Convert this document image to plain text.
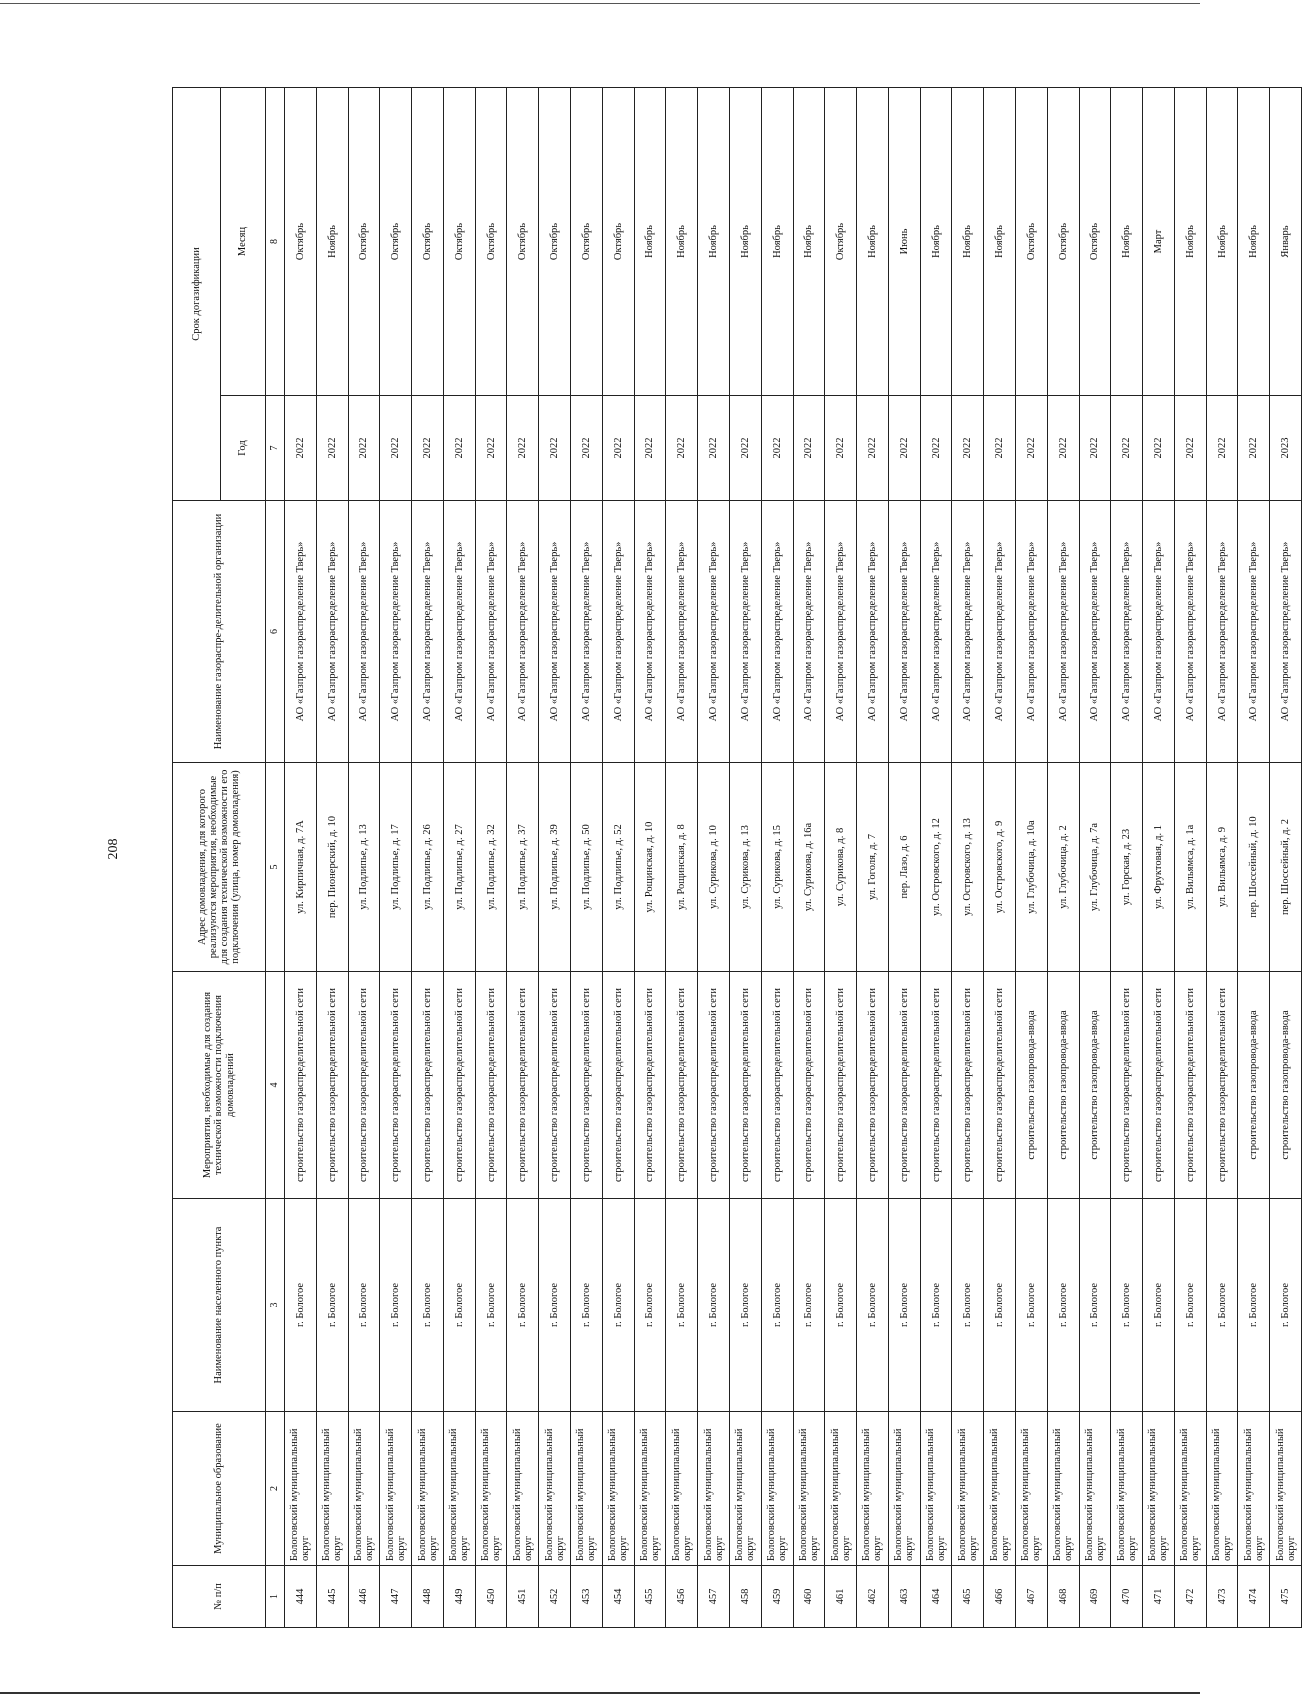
208
№ п/п	Муниципальное образование	Наименование населенного пункта	Мероприятия, необходимые для создания технической возможности подключения домовладений	Адрес домовладения, для которого реализуются мероприятия, необходимые для создания технической возможности его подключения (улица, номер домовладения)	Наименование газораспре-делительной организации	Срок догазификации	
						Год	Месяц
1	2	3	4	5	6	7	8
444	Бологовский муниципальный округ	г. Бологое	строительство газораспределительной сети	ул. Кирпичная, д. 7А	АО «Газпром газораспределение Тверь»	2022	Октябрь
445	Бологовский муниципальный округ	г. Бологое	строительство газораспределительной сети	пер. Пионерский, д. 10	АО «Газпром газораспределение Тверь»	2022	Ноябрь
446	Бологовский муниципальный округ	г. Бологое	строительство газораспределительной сети	ул. Подлипье, д. 13	АО «Газпром газораспределение Тверь»	2022	Октябрь
447	Бологовский муниципальный округ	г. Бологое	строительство газораспределительной сети	ул. Подлипье, д. 17	АО «Газпром газораспределение Тверь»	2022	Октябрь
448	Бологовский муниципальный округ	г. Бологое	строительство газораспределительной сети	ул. Подлипье, д. 26	АО «Газпром газораспределение Тверь»	2022	Октябрь
449	Бологовский муниципальный округ	г. Бологое	строительство газораспределительной сети	ул. Подлипье, д. 27	АО «Газпром газораспределение Тверь»	2022	Октябрь
450	Бологовский муниципальный округ	г. Бологое	строительство газораспределительной сети	ул. Подлипье, д. 32	АО «Газпром газораспределение Тверь»	2022	Октябрь
451	Бологовский муниципальный округ	г. Бологое	строительство газораспределительной сети	ул. Подлипье, д. 37	АО «Газпром газораспределение Тверь»	2022	Октябрь
452	Бологовский муниципальный округ	г. Бологое	строительство газораспределительной сети	ул. Подлипье, д. 39	АО «Газпром газораспределение Тверь»	2022	Октябрь
453	Бологовский муниципальный округ	г. Бологое	строительство газораспределительной сети	ул. Подлипье, д. 50	АО «Газпром газораспределение Тверь»	2022	Октябрь
454	Бологовский муниципальный округ	г. Бологое	строительство газораспределительной сети	ул. Подлипье, д. 52	АО «Газпром газораспределение Тверь»	2022	Октябрь
455	Бологовский муниципальный округ	г. Бологое	строительство газораспределительной сети	ул. Рощинская, д. 10	АО «Газпром газораспределение Тверь»	2022	Ноябрь
456	Бологовский муниципальный округ	г. Бологое	строительство газораспределительной сети	ул. Рощинская, д. 8	АО «Газпром газораспределение Тверь»	2022	Ноябрь
457	Бологовский муниципальный округ	г. Бологое	строительство газораспределительной сети	ул. Сурикова, д. 10	АО «Газпром газораспределение Тверь»	2022	Ноябрь
458	Бологовский муниципальный округ	г. Бологое	строительство газораспределительной сети	ул. Сурикова, д. 13	АО «Газпром газораспределение Тверь»	2022	Ноябрь
459	Бологовский муниципальный округ	г. Бологое	строительство газораспределительной сети	ул. Сурикова, д. 15	АО «Газпром газораспределение Тверь»	2022	Ноябрь
460	Бологовский муниципальный округ	г. Бологое	строительство газораспределительной сети	ул. Сурикова, д. 16а	АО «Газпром газораспределение Тверь»	2022	Ноябрь
461	Бологовский муниципальный округ	г. Бологое	строительство газораспределительной сети	ул. Сурикова, д. 8	АО «Газпром газораспределение Тверь»	2022	Октябрь
462	Бологовский муниципальный округ	г. Бологое	строительство газораспределительной сети	ул. Гоголя, д. 7	АО «Газпром газораспределение Тверь»	2022	Ноябрь
463	Бологовский муниципальный округ	г. Бологое	строительство газораспределительной сети	пер. Лазо, д. 6	АО «Газпром газораспределение Тверь»	2022	Июнь
464	Бологовский муниципальный округ	г. Бологое	строительство газораспределительной сети	ул. Островского, д. 12	АО «Газпром газораспределение Тверь»	2022	Ноябрь
465	Бологовский муниципальный округ	г. Бологое	строительство газораспределительной сети	ул. Островского, д. 13	АО «Газпром газораспределение Тверь»	2022	Ноябрь
466	Бологовский муниципальный округ	г. Бологое	строительство газораспределительной сети	ул. Островского, д. 9	АО «Газпром газораспределение Тверь»	2022	Ноябрь
467	Бологовский муниципальный округ	г. Бологое	строительство газопровода-ввода	ул. Глубочица, д. 10а	АО «Газпром газораспределение Тверь»	2022	Октябрь
468	Бологовский муниципальный округ	г. Бологое	строительство газопровода-ввода	ул. Глубочица, д. 2	АО «Газпром газораспределение Тверь»	2022	Октябрь
469	Бологовский муниципальный округ	г. Бологое	строительство газопровода-ввода	ул. Глубочица, д. 7а	АО «Газпром газораспределение Тверь»	2022	Октябрь
470	Бологовский муниципальный округ	г. Бологое	строительство газораспределительной сети	ул. Горская, д. 23	АО «Газпром газораспределение Тверь»	2022	Ноябрь
471	Бологовский муниципальный округ	г. Бологое	строительство газораспределительной сети	ул. Фруктовая, д. 1	АО «Газпром газораспределение Тверь»	2022	Март
472	Бологовский муниципальный округ	г. Бологое	строительство газораспределительной сети	ул. Вильямса, д. 1а	АО «Газпром газораспределение Тверь»	2022	Ноябрь
473	Бологовский муниципальный округ	г. Бологое	строительство газораспределительной сети	ул. Вильямса, д. 9	АО «Газпром газораспределение Тверь»	2022	Ноябрь
474	Бологовский муниципальный округ	г. Бологое	строительство газопровода-ввода	пер. Шоссейный, д. 10	АО «Газпром газораспределение Тверь»	2022	Ноябрь
475	Бологовский муниципальный округ	г. Бологое	строительство газопровода-ввода	пер. Шоссейный, д. 2	АО «Газпром газораспределение Тверь»	2023	Январь
